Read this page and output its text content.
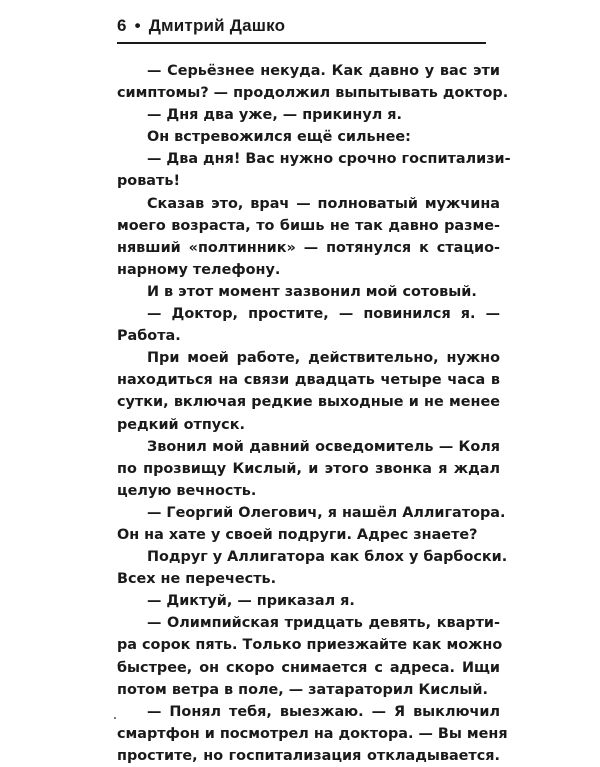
6 • Дмитрий Дашко
— Серьёзнее некуда. Как давно у вас эти
симптомы? — продолжил выпытывать доктор.
— Дня два уже, — прикинул я.
Он встревожился ещё сильнее:
— Два дня! Вас нужно срочно госпитализи-
ровать!
Сказав это, врач — полноватый мужчина
моего возраста, то бишь не так давно разме-
нявший «полтинник» — потянулся к стацио-
нарному телефону.
И в этот момент зазвонил мой сотовый.
— Доктор, простите, — повинился я. —
Работа.
При моей работе, действительно, нужно
находиться на связи двадцать четыре часа в
сутки, включая редкие выходные и не менее
редкий отпуск.
Звонил мой давний осведомитель — Коля
по прозвищу Кислый, и этого звонка я ждал
целую вечность.
— Георгий Олегович, я нашёл Аллигатора.
Он на хате у своей подруги. Адрес знаете?
Подруг у Аллигатора как блох у барбоски.
Всех не перечесть.
— Диктуй, — приказал я.
— Олимпийская тридцать девять, кварти-
ра сорок пять. Только приезжайте как можно
быстрее, он скоро снимается с адреса. Ищи
потом ветра в поле, — затараторил Кислый.
— Понял тебя, выезжаю. — Я выключил
смартфон и посмотрел на доктора. — Вы меня
простите, но госпитализация откладывается.
